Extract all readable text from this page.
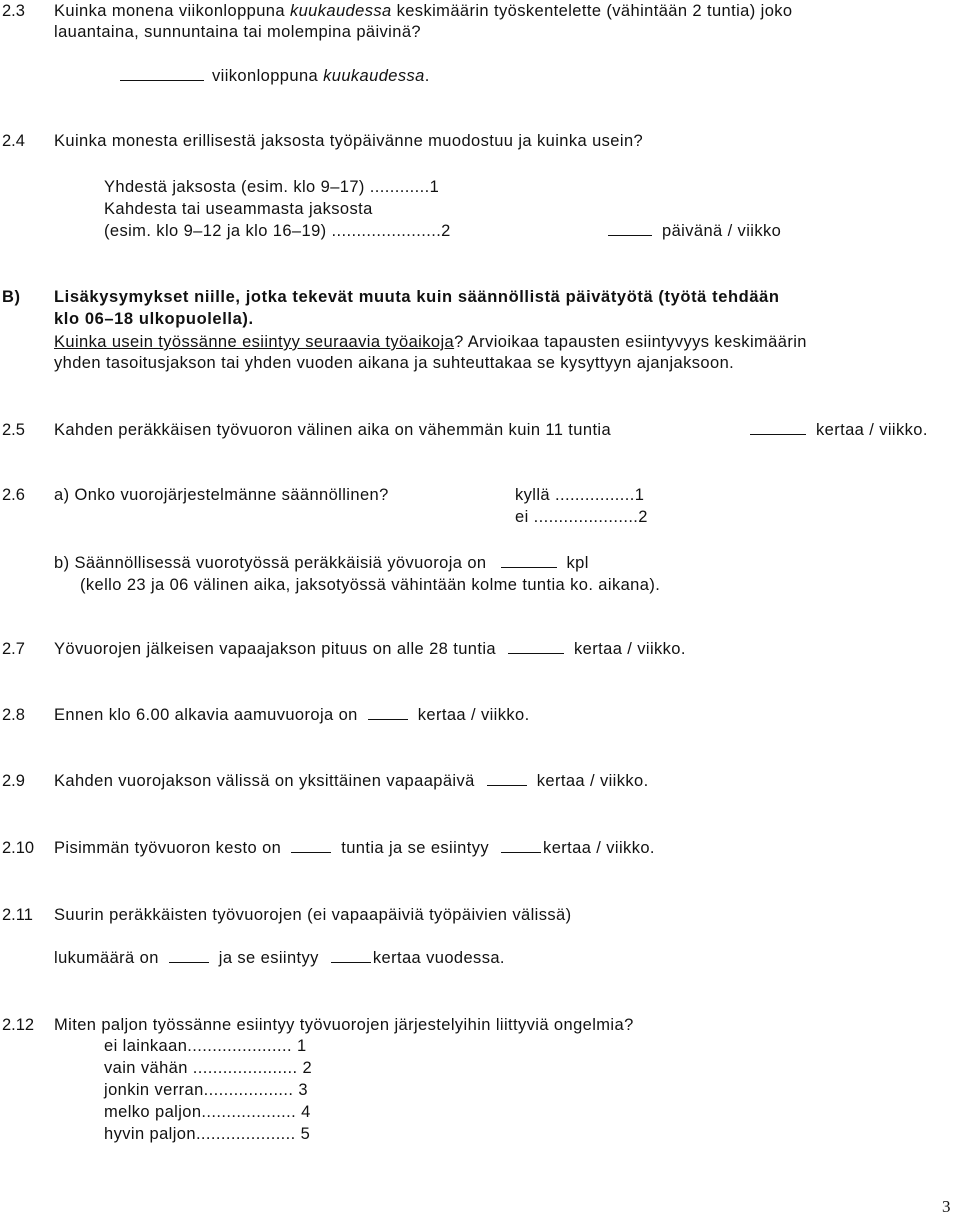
2.3 Kuinka monena viikonloppuna kuukaudessa keskimäärin työskentelette (vähintään 2 tuntia) joko
lauantaina, sunnuntaina tai molempina päivinä?
viikonloppuna kuukaudessa.
2.4 Kuinka monesta erillisestä jaksosta työpäivänne muodostuu ja kuinka usein?
Yhdestä jaksosta (esim. klo 9–17) ............1
Kahdesta tai useammasta jaksosta
(esim. klo 9–12 ja klo 16–19) ......................2	päivänä / viikko
B) Lisäkysymykset niille, jotka tekevät muuta kuin säännöllistä päivätyötä (työtä tehdään
klo 06–18 ulkopuolella).
Kuinka usein työssänne esiintyy seuraavia työaikoja? Arvioikaa tapausten esiintyvyys keskimäärin
yhden tasoitusjakson tai yhden vuoden aikana ja suhteuttakaa se kysyttyyn ajanjaksoon.
2.5 Kahden peräkkäisen työvuoron välinen aika on vähemmän kuin 11 tuntia	kertaa / viikko.
2.6 a) Onko vuorojärjestelmänne säännöllinen?	kyllä ................1
ei .....................2
b) Säännöllisessä vuorotyössä peräkkäisiä yövuoroja on	kpl
(kello 23 ja 06 välinen aika, jaksotyössä vähintään kolme tuntia ko. aikana).
2.7 Yövuorojen jälkeisen vapaajakson pituus on alle 28 tuntia	kertaa / viikko.
2.8 Ennen klo 6.00 alkavia aamuvuoroja on	kertaa / viikko.
2.9 Kahden vuorojakson välissä on yksittäinen vapaapäivä	kertaa / viikko.
2.10 Pisimmän työvuoron kesto on	tuntia ja se esiintyy	kertaa / viikko.
2.11 Suurin peräkkäisten työvuorojen (ei vapaapäiviä työpäivien välissä)
lukumäärä on	ja se esiintyy	kertaa vuodessa.
2.12 Miten paljon työssänne esiintyy työvuorojen järjestelyihin liittyviä ongelmia?
ei lainkaan..................... 1
vain vähän ..................... 2
jonkin verran.................. 3
melko paljon................... 4
hyvin paljon.................... 5
3
